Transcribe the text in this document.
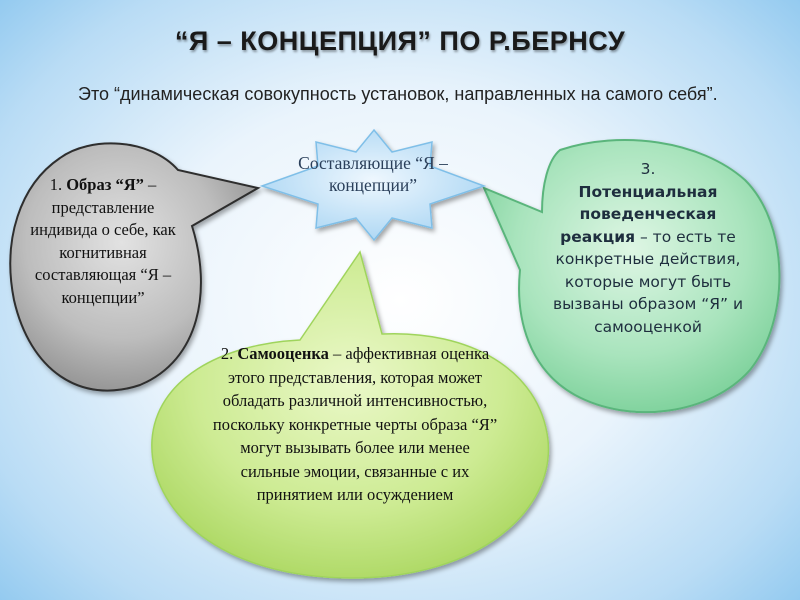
“Я – КОНЦЕПЦИЯ” ПО Р.БЕРНСУ
Это “динамическая совокупность установок, направленных на самого себя”.
Составляющие “Я – концепции”
1. Образ “Я” – представление индивида о себе, как когнитивная составляющая “Я – концепции”
2. Самооценка – аффективная оценка этого представления, которая может обладать различной интенсивностью, поскольку конкретные черты образа “Я” могут вызывать более или менее сильные эмоции, связанные с их принятием или осуждением
3.
Потенциальная поведенческая реакция – то есть те конкретные действия, которые могут быть вызваны образом “Я” и самооценкой
